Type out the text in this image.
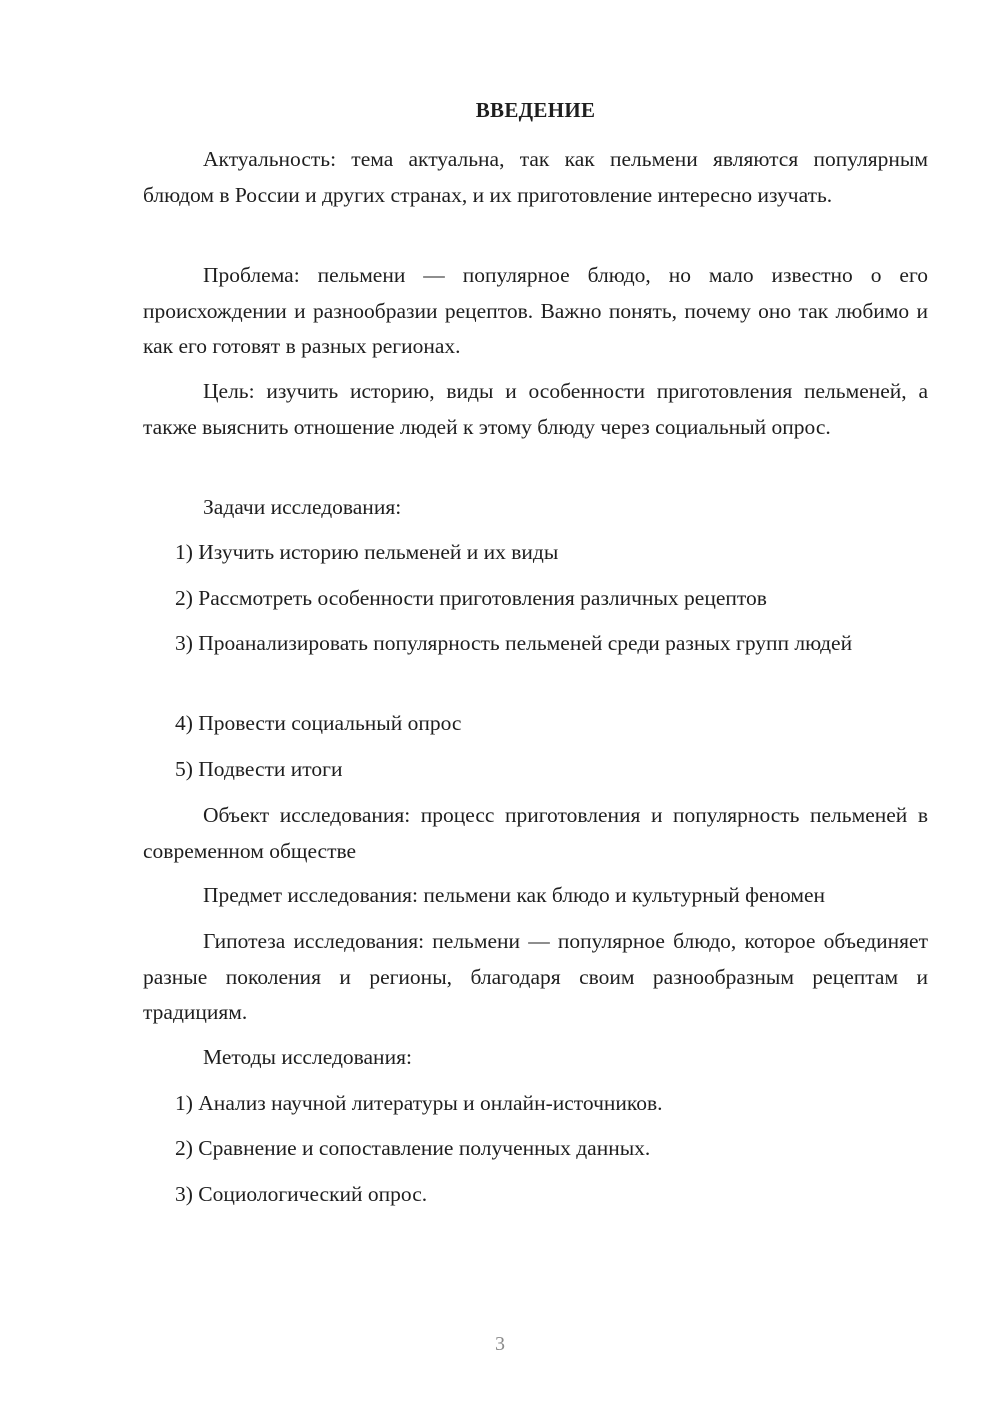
ВВЕДЕНИЕ

Актуальность: тема актуальна, так как пельмени являются популярным блюдом в России и других странах, и их приготовление интересно изучать.

Проблема: пельмени — популярное блюдо, но мало известно о его происхождении и разнообразии рецептов. Важно понять, почему оно так любимо и как его готовят в разных регионах.

Цель: изучить историю, виды и особенности приготовления пельменей, а также выяснить отношение людей к этому блюду через социальный опрос.

Задачи исследования:

1) Изучить историю пельменей и их виды

2) Рассмотреть особенности приготовления различных рецептов

3) Проанализировать популярность пельменей среди разных групп людей

4) Провести социальный опрос

5) Подвести итоги

Объект исследования: процесс приготовления и популярность пельменей в современном обществе

Предмет исследования: пельмени как блюдо и культурный феномен

Гипотеза исследования: пельмени — популярное блюдо, которое объединяет разные поколения и регионы, благодаря своим разнообразным рецептам и традициям.

Методы исследования:

1) Анализ научной литературы и онлайн-источников.

2) Сравнение и сопоставление полученных данных.

3) Социологический опрос.

3
